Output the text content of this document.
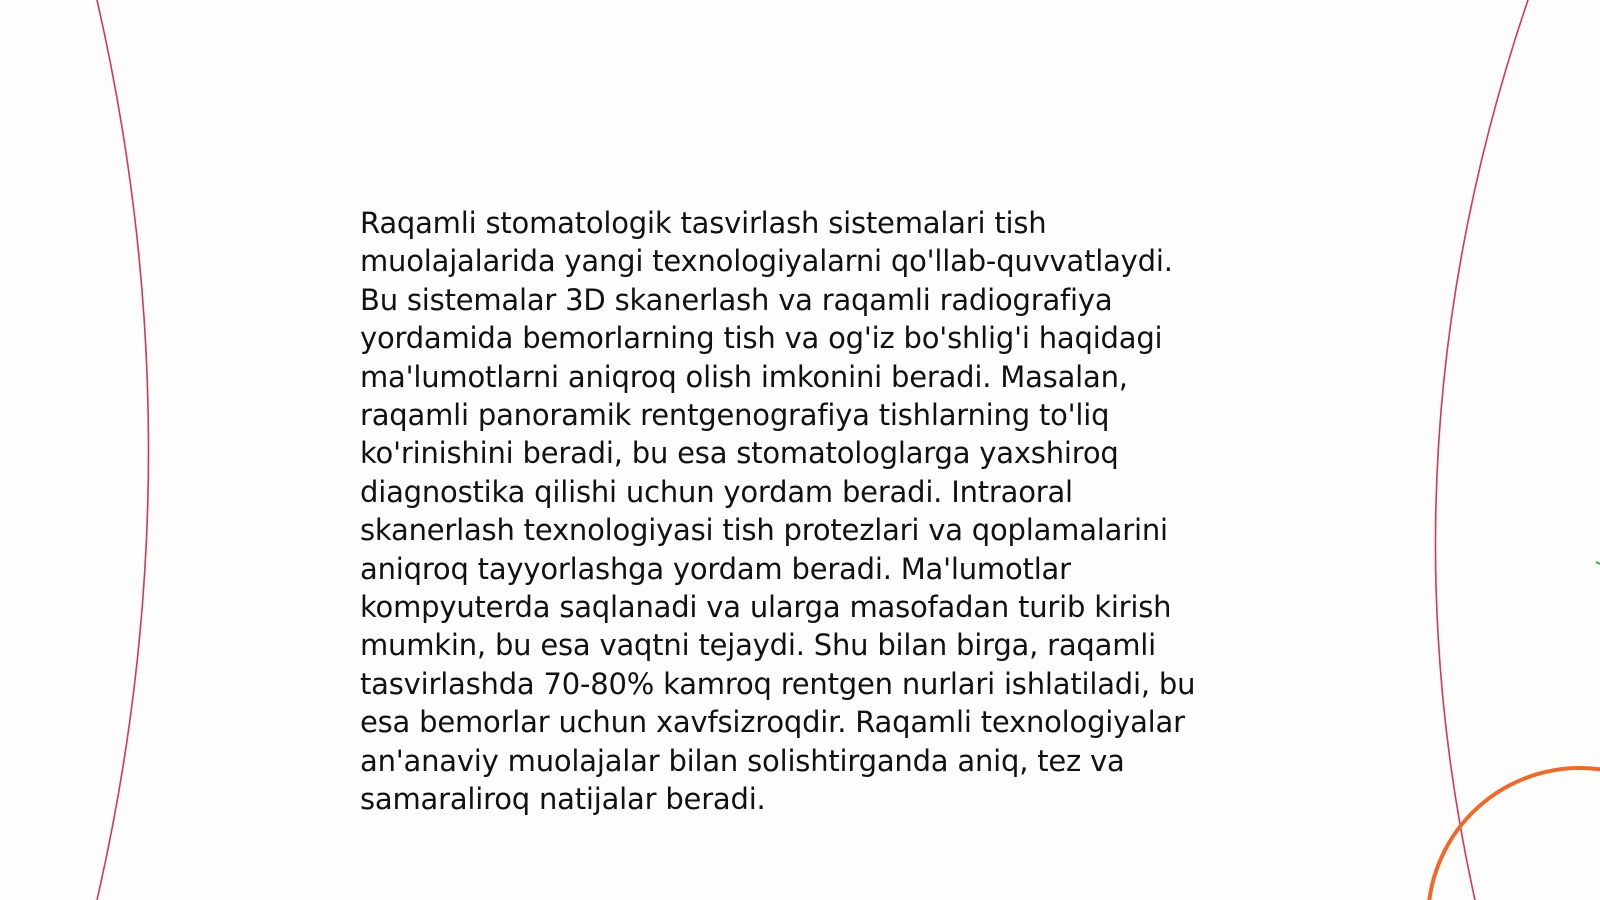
Raqamli stomatologik tasvirlash sistemalari tish
muolajalarida yangi texnologiyalarni qo'llab-quvvatlaydi.
Bu sistemalar 3D skanerlash va raqamli radiografiya
yordamida bemorlarning tish va og'iz bo'shlig'i haqidagi
ma'lumotlarni aniqroq olish imkonini beradi. Masalan,
raqamli panoramik rentgenografiya tishlarning to'liq
ko'rinishini beradi, bu esa stomatologlarga yaxshiroq
diagnostika qilishi uchun yordam beradi. Intraoral
skanerlash texnologiyasi tish protezlari va qoplamalarini
aniqroq tayyorlashga yordam beradi. Ma'lumotlar
kompyuterda saqlanadi va ularga masofadan turib kirish
mumkin, bu esa vaqtni tejaydi. Shu bilan birga, raqamli
tasvirlashda 70-80% kamroq rentgen nurlari ishlatiladi, bu
esa bemorlar uchun xavfsizroqdir. Raqamli texnologiyalar
an'anaviy muolajalar bilan solishtirganda aniq, tez va
samaraliroq natijalar beradi.
